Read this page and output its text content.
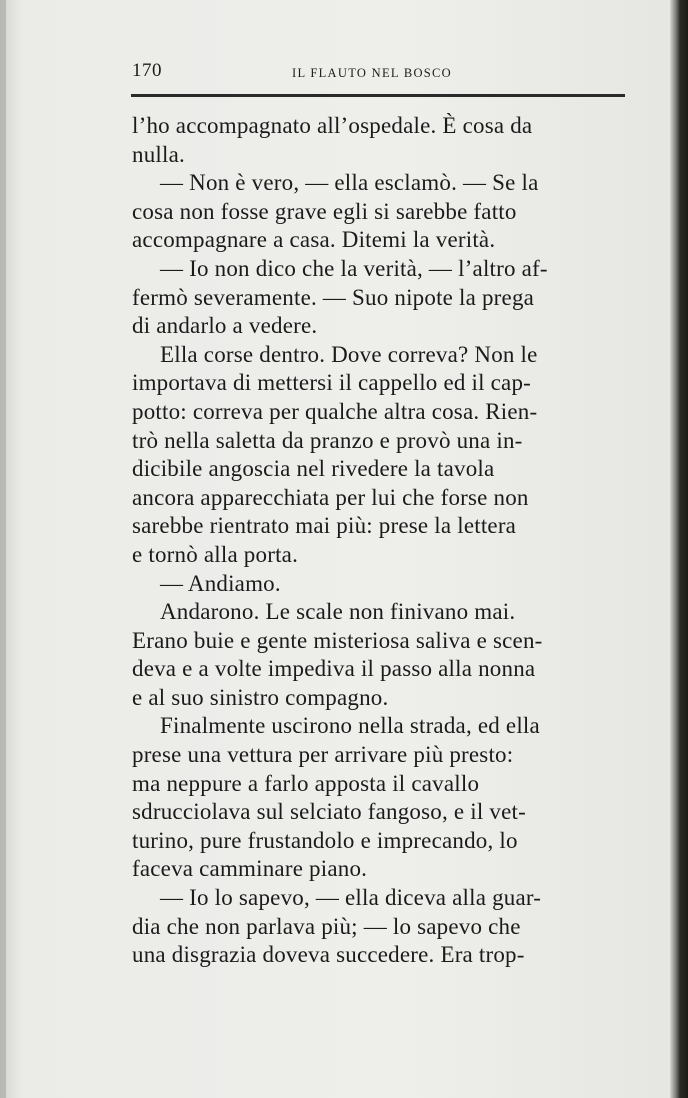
170	IL FLAUTO NEL BOSCO
l’ho accompagnato all’ospedale. È cosa da
nulla.
— Non è vero, — ella esclamò. — Se la
cosa non fosse grave egli si sarebbe fatto
accompagnare a casa. Ditemi la verità.
— Io non dico che la verità, — l’altro af-
fermò severamente. — Suo nipote la prega
di andarlo a vedere.
Ella corse dentro. Dove correva? Non le
importava di mettersi il cappello ed il cap-
potto: correva per qualche altra cosa. Rien-
trò nella saletta da pranzo e provò una in-
dicibile angoscia nel rivedere la tavola
ancora apparecchiata per lui che forse non
sarebbe rientrato mai più: prese la lettera
e tornò alla porta.
— Andiamo.
Andarono. Le scale non finivano mai.
Erano buie e gente misteriosa saliva e scen-
deva e a volte impediva il passo alla nonna
e al suo sinistro compagno.
Finalmente uscirono nella strada, ed ella
prese una vettura per arrivare più presto:
ma neppure a farlo apposta il cavallo
sdrucciolava sul selciato fangoso, e il vet-
turino, pure frustandolo e imprecando, lo
faceva camminare piano.
— Io lo sapevo, — ella diceva alla guar-
dia che non parlava più; — lo sapevo che
una disgrazia doveva succedere. Era trop-
